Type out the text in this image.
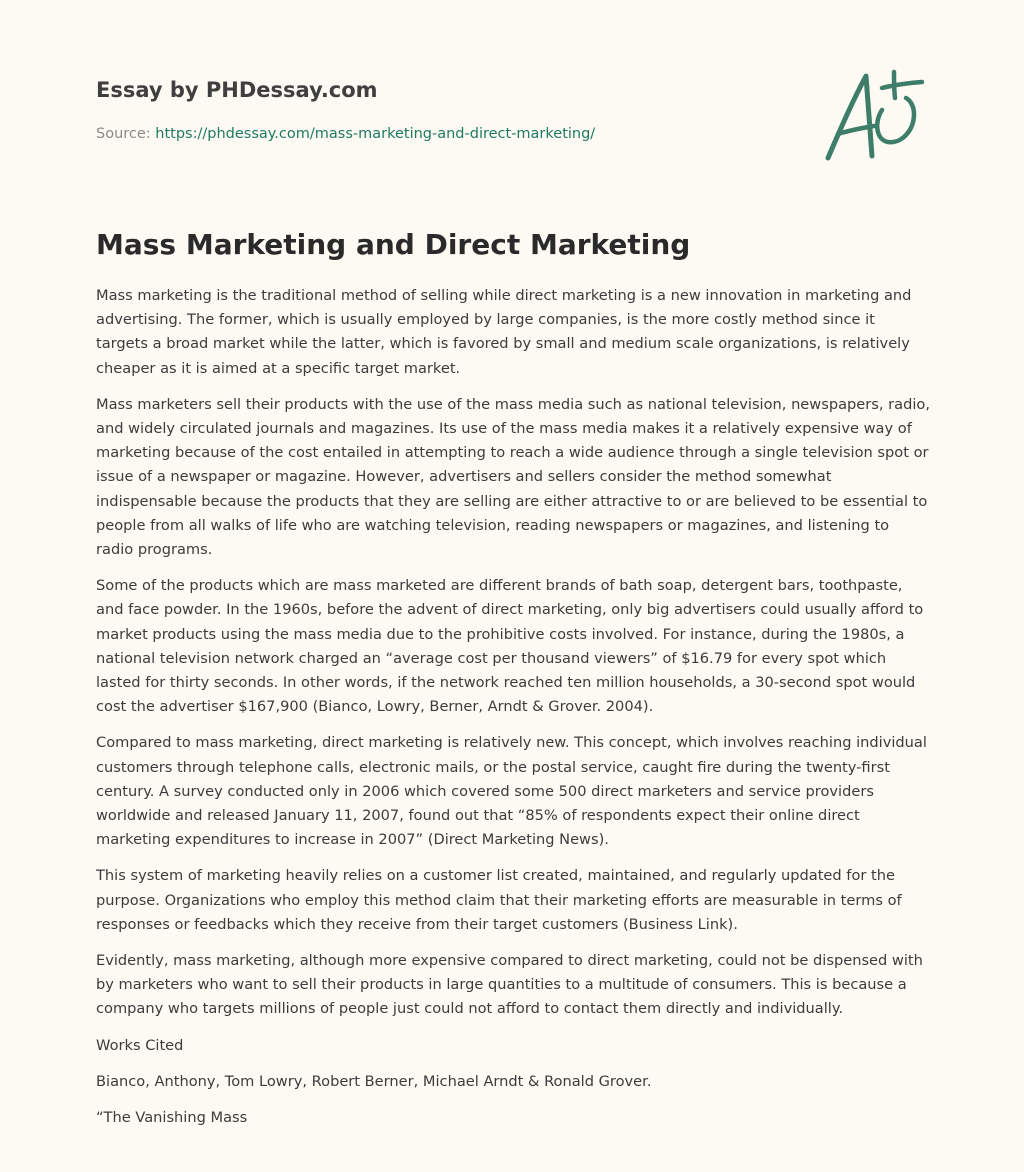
Essay by PHDessay.com
Source: https://phdessay.com/mass-marketing-and-direct-marketing/
Mass Marketing and Direct Marketing

Mass marketing is the traditional method of selling while direct marketing is a new innovation in marketing and advertising. The former, which is usually employed by large companies, is the more costly method since it targets a broad market while the latter, which is favored by small and medium scale organizations, is relatively cheaper as it is aimed at a specific target market.

Mass marketers sell their products with the use of the mass media such as national television, newspapers, radio, and widely circulated journals and magazines. Its use of the mass media makes it a relatively expensive way of marketing because of the cost entailed in attempting to reach a wide audience through a single television spot or issue of a newspaper or magazine. However, advertisers and sellers consider the method somewhat indispensable because the products that they are selling are either attractive to or are believed to be essential to people from all walks of life who are watching television, reading newspapers or magazines, and listening to radio programs.

Some of the products which are mass marketed are different brands of bath soap, detergent bars, toothpaste, and face powder. In the 1960s, before the advent of direct marketing, only big advertisers could usually afford to market products using the mass media due to the prohibitive costs involved. For instance, during the 1980s, a national television network charged an “average cost per thousand viewers” of $16.79 for every spot which lasted for thirty seconds. In other words, if the network reached ten million households, a 30-second spot would cost the advertiser $167,900 (Bianco, Lowry, Berner, Arndt & Grover. 2004).

Compared to mass marketing, direct marketing is relatively new. This concept, which involves reaching individual customers through telephone calls, electronic mails, or the postal service, caught fire during the twenty-first century. A survey conducted only in 2006 which covered some 500 direct marketers and service providers worldwide and released January 11, 2007, found out that “85% of respondents expect their online direct marketing expenditures to increase in 2007” (Direct Marketing News).

This system of marketing heavily relies on a customer list created, maintained, and regularly updated for the purpose. Organizations who employ this method claim that their marketing efforts are measurable in terms of responses or feedbacks which they receive from their target customers (Business Link).

Evidently, mass marketing, although more expensive compared to direct marketing, could not be dispensed with by marketers who want to sell their products in large quantities to a multitude of consumers. This is because a company who targets millions of people just could not afford to contact them directly and individually.

Works Cited

Bianco, Anthony, Tom Lowry, Robert Berner, Michael Arndt & Ronald Grover.

“The Vanishing Mass
